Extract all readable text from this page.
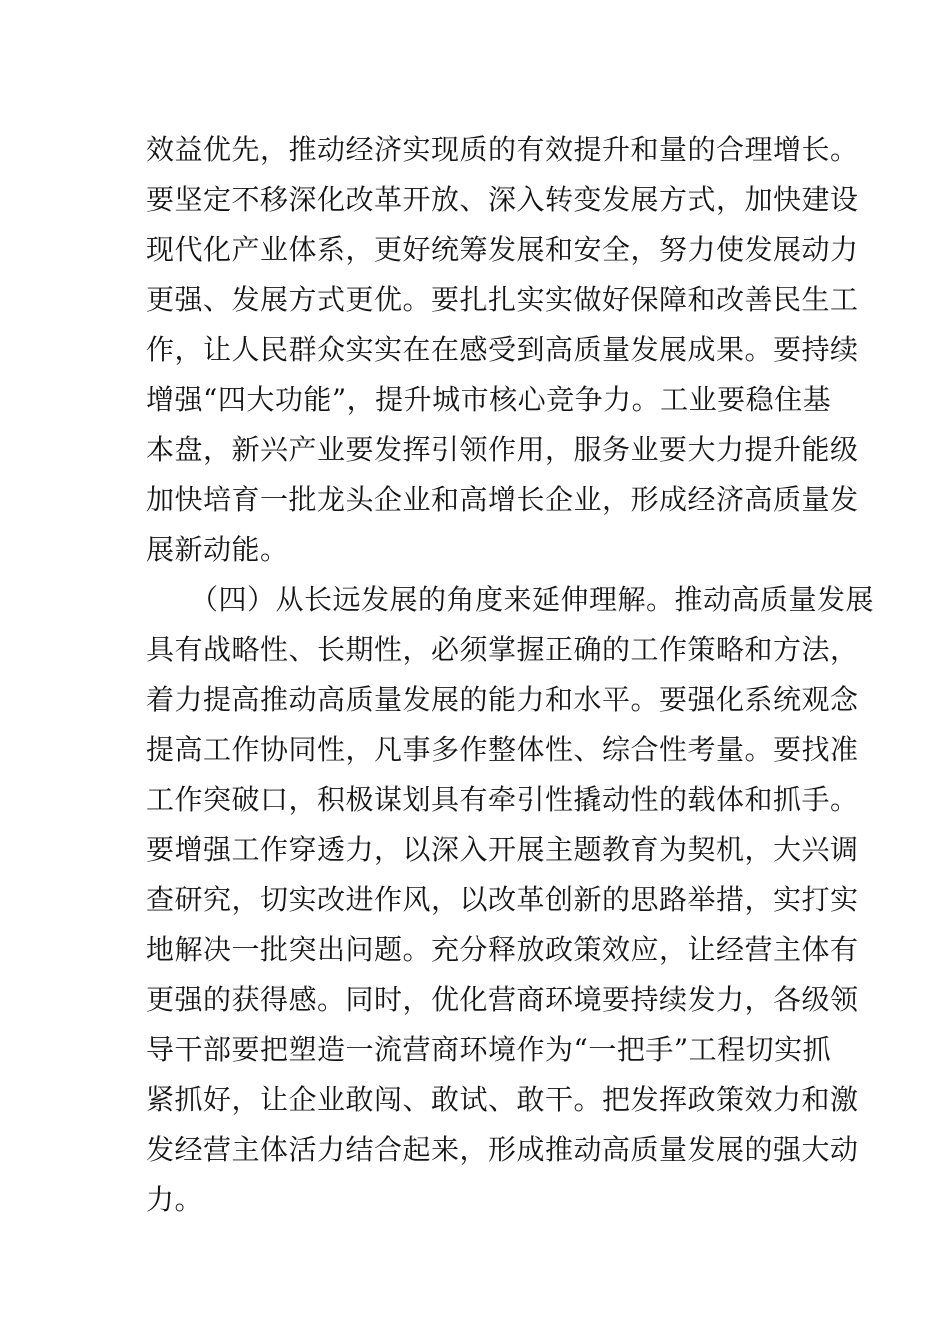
效益优先，推动经济实现质的有效提升和量的合理增长。
要坚定不移深化改革开放、深入转变发展方式，加快建设
现代化产业体系，更好统筹发展和安全，努力使发展动力
更强、发展方式更优。要扎扎实实做好保障和改善民生工
作，让人民群众实实在在感受到高质量发展成果。要持续
增强“四大功能”，提升城市核心竞争力。工业要稳住基
本盘，新兴产业要发挥引领作用，服务业要大力提升能级
加快培育一批龙头企业和高增长企业，形成经济高质量发
展新动能。
（四）从长远发展的角度来延伸理解。推动高质量发展
具有战略性、长期性，必须掌握正确的工作策略和方法，
着力提高推动高质量发展的能力和水平。要强化系统观念
提高工作协同性，凡事多作整体性、综合性考量。要找准
工作突破口，积极谋划具有牵引性撬动性的载体和抓手。
要增强工作穿透力，以深入开展主题教育为契机，大兴调
查研究，切实改进作风，以改革创新的思路举措，实打实
地解决一批突出问题。充分释放政策效应，让经营主体有
更强的获得感。同时，优化营商环境要持续发力，各级领
导干部要把塑造一流营商环境作为“一把手”工程切实抓
紧抓好，让企业敢闯、敢试、敢干。把发挥政策效力和激
发经营主体活力结合起来，形成推动高质量发展的强大动
力。
